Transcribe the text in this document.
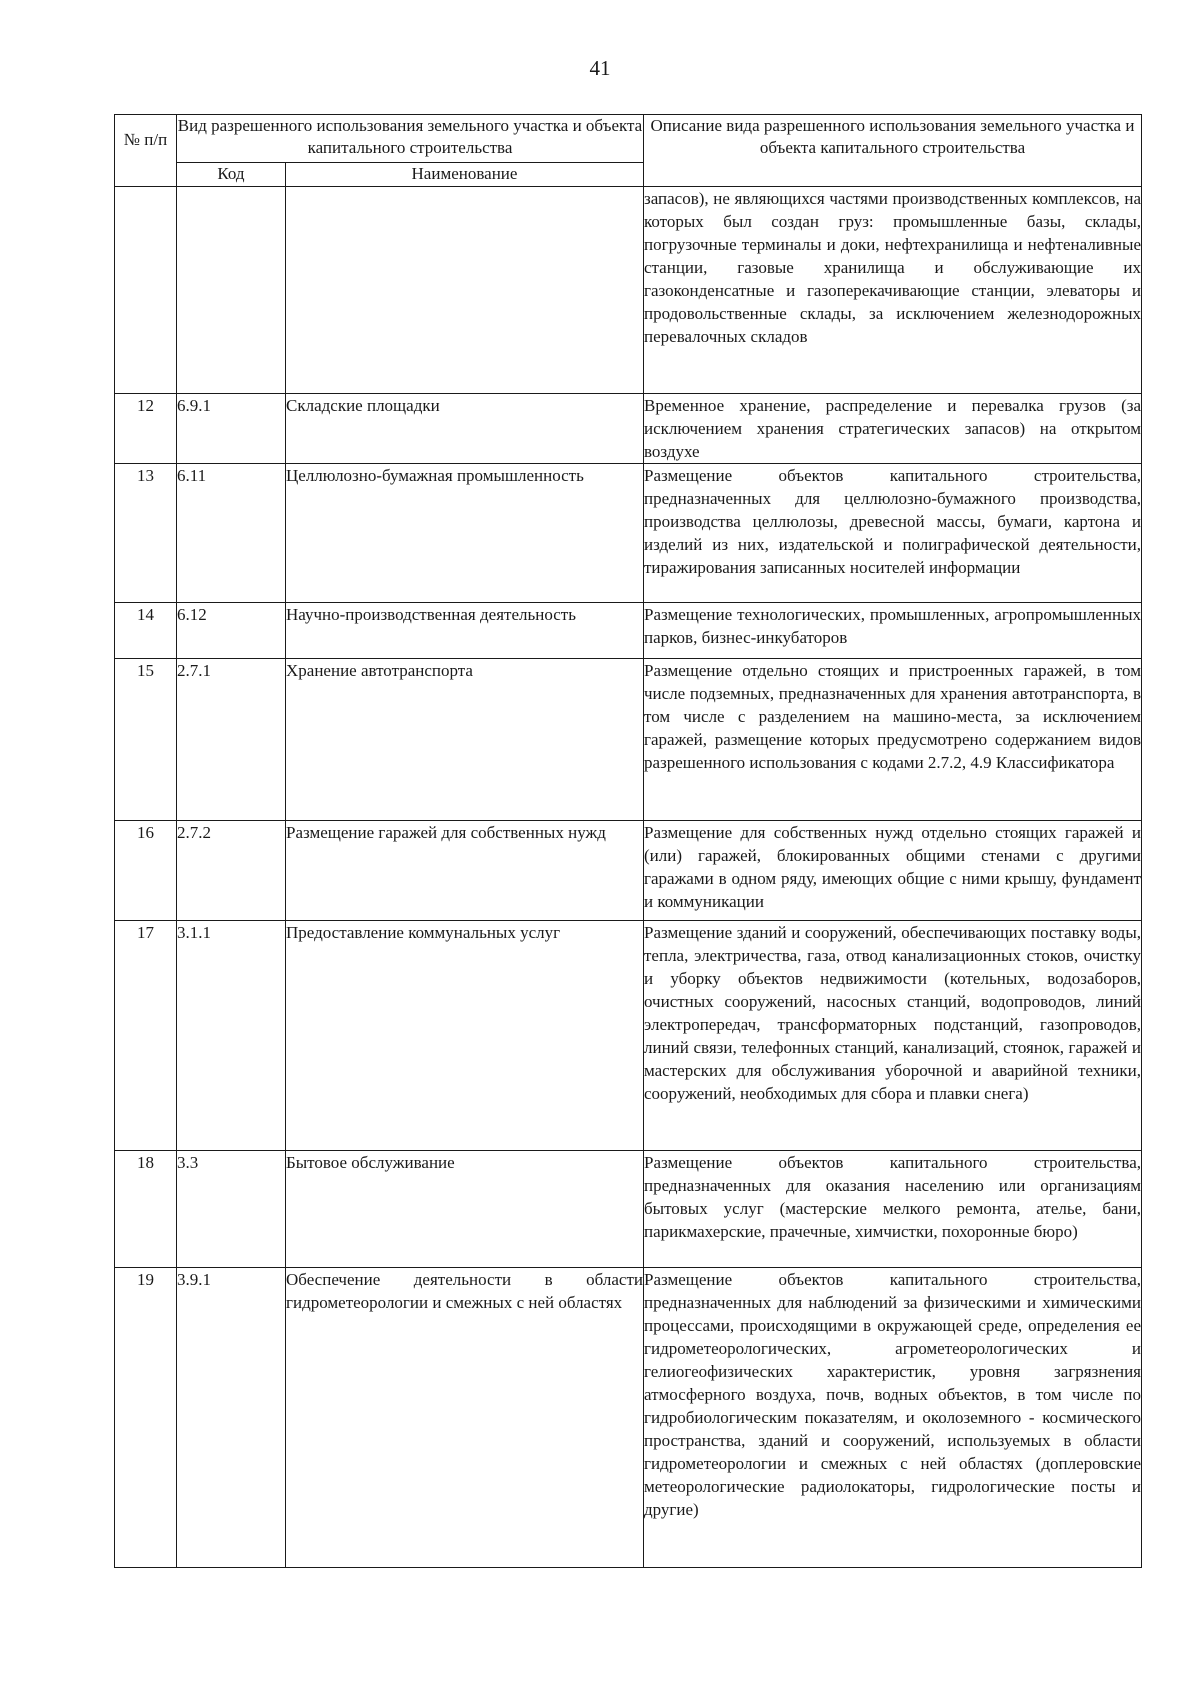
41
№ п/п	Вид разрешенного использования земельного участка и объекта капитального строительства		Описание вида разрешенного использования земельного участка и объекта капитального строительства
	Код	Наименование	
			запасов), не являющихся частями производственных комплексов, на которых был создан груз: промышленные базы, склады, погрузочные терминалы и доки, нефтехранилища и нефтеналивные станции, газовые хранилища и обслуживающие их газоконденсатные и газоперекачивающие станции, элеваторы и продовольственные склады, за исключением железнодорожных перевалочных складов
12	6.9.1	Складские площадки	Временное хранение, распределение и перевалка грузов (за исключением хранения стратегических запасов) на открытом воздухе
13	6.11	Целлюлозно-бумажная промышленность	Размещение объектов капитального строительства, предназначенных для целлюлозно-бумажного производства, производства целлюлозы, древесной массы, бумаги, картона и изделий из них, издательской и полиграфической деятельности, тиражирования записанных носителей информации
14	6.12	Научно-производственная деятельность	Размещение технологических, промышленных, агропромышленных парков, бизнес-инкубаторов
15	2.7.1	Хранение автотранспорта	Размещение отдельно стоящих и пристроенных гаражей, в том числе подземных, предназначенных для хранения автотранспорта, в том числе с разделением на машино-места, за исключением гаражей, размещение которых предусмотрено содержанием видов разрешенного использования с кодами 2.7.2, 4.9 Классификатора
16	2.7.2	Размещение гаражей для собственных нужд	Размещение для собственных нужд отдельно стоящих гаражей и (или) гаражей, блокированных общими стенами с другими гаражами в одном ряду, имеющих общие с ними крышу, фундамент и коммуникации
17	3.1.1	Предоставление коммунальных услуг	Размещение зданий и сооружений, обеспечивающих поставку воды, тепла, электричества, газа, отвод канализационных стоков, очистку и уборку объектов недвижимости (котельных, водозаборов, очистных сооружений, насосных станций, водопроводов, линий электропередач, трансформаторных подстанций, газопроводов, линий связи, телефонных станций, канализаций, стоянок, гаражей и мастерских для обслуживания уборочной и аварийной техники, сооружений, необходимых для сбора и плавки снега)
18	3.3	Бытовое обслуживание	Размещение объектов капитального строительства, предназначенных для оказания населению или организациям бытовых услуг (мастерские мелкого ремонта, ателье, бани, парикмахерские, прачечные, химчистки, похоронные бюро)
19	3.9.1	Обеспечение деятельности в области гидрометеорологии и смежных с ней областях	Размещение объектов капитального строительства, предназначенных для наблюдений за физическими и химическими процессами, происходящими в окружающей среде, определения ее гидрометеорологических, агрометеорологических и гелиогеофизических характеристик, уровня загрязнения атмосферного воздуха, почв, водных объектов, в том числе по гидробиологическим показателям, и околоземного - космического пространства, зданий и сооружений, используемых в области гидрометеорологии и смежных с ней областях (доплеровские метеорологические радиолокаторы, гидрологические посты и другие)
